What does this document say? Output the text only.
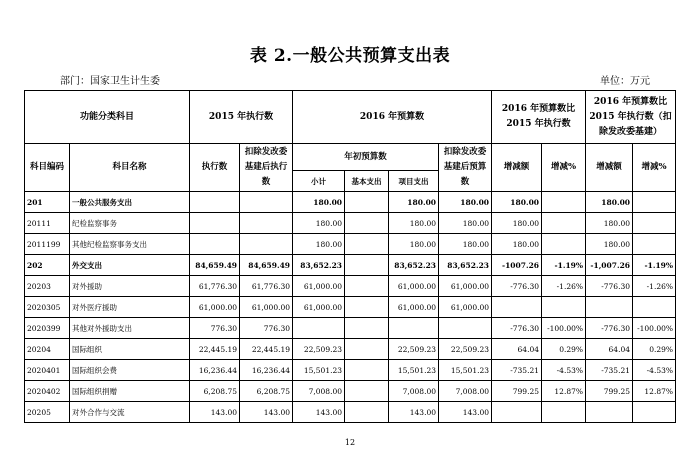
表 2.一般公共预算支出表
部门：国家卫生计生委	单位：万元
功能分类科目		2015 年执行数		2016 年预算数				2016 年预算数比 2015 年执行数		2016 年预算数比 2015 年执行数（扣除发改委基建）	
科目编码	科目名称	执行数	扣除发改委基建后执行数	年初预算数			扣除发改委基建后预算数	增减额	增减%	增减额	增减%
				小计	基本支出	项目支出					
201	一般公共服务支出			180.00		180.00	180.00	180.00		180.00	
20111	纪检监察事务			180.00		180.00	180.00	180.00		180.00	
2011199	其他纪检监察事务支出			180.00		180.00	180.00	180.00		180.00	
202	外交支出	84,659.49	84,659.49	83,652.23		83,652.23	83,652.23	-1007.26	-1.19%	-1,007.26	-1.19%
20203	对外援助	61,776.30	61,776.30	61,000.00		61,000.00	61,000.00	-776.30	-1.26%	-776.30	-1.26%
2020305	对外医疗援助	61,000.00	61,000.00	61,000.00		61,000.00	61,000.00				
2020399	其他对外援助支出	776.30	776.30					-776.30	-100.00%	-776.30	-100.00%
20204	国际组织	22,445.19	22,445.19	22,509.23		22,509.23	22,509.23	64.04	0.29%	64.04	0.29%
2020401	国际组织会费	16,236.44	16,236.44	15,501.23		15,501.23	15,501.23	-735.21	-4.53%	-735.21	-4.53%
2020402	国际组织捐赠	6,208.75	6,208.75	7,008.00		7,008.00	7,008.00	799.25	12.87%	799.25	12.87%
20205	对外合作与交流	143.00	143.00	143.00		143.00	143.00				
12
